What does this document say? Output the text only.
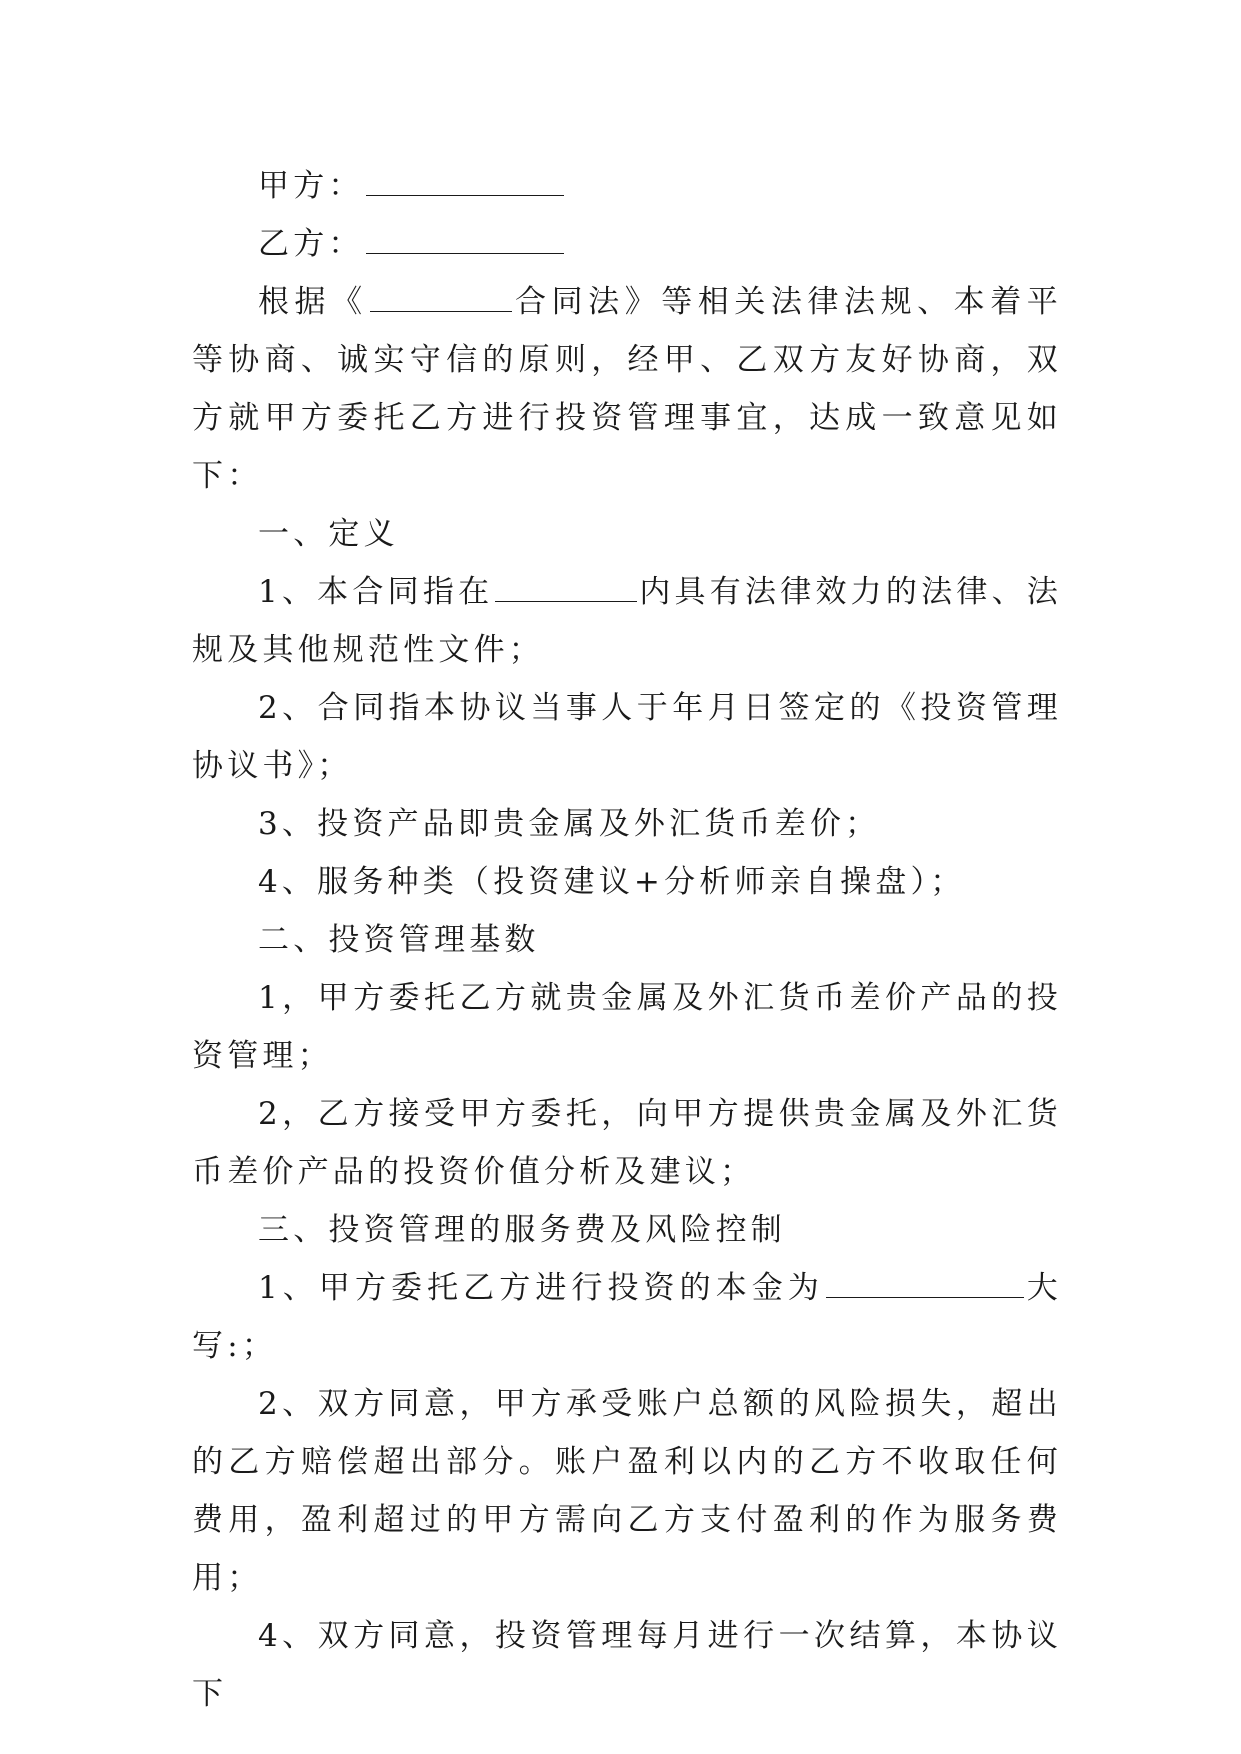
甲方：

乙方：

根据《	合同法》等相关法律法规、本着平等协商、诚实守信的原则，经甲、乙双方友好协商，双方就甲方委托乙方进行投资管理事宜，达成一致意见如下：

一、定义

1、本合同指在	内具有法律效力的法律、法规及其他规范性文件；

2、合同指本协议当事人于年月日签定的《投资管理协议书》；

3、投资产品即贵金属及外汇货币差价；

4、服务种类（投资建议+分析师亲自操盘）；

二、投资管理基数

1，甲方委托乙方就贵金属及外汇货币差价产品的投资管理；

2，乙方接受甲方委托，向甲方提供贵金属及外汇货币差价产品的投资价值分析及建议；

三、投资管理的服务费及风险控制

1、甲方委托乙方进行投资的本金为	大写:；

2、双方同意，甲方承受账户总额的风险损失，超出的乙方赔偿超出部分。账户盈利以内的乙方不收取任何费用，盈利超过的甲方需向乙方支付盈利的作为服务费用；

4、双方同意，投资管理每月进行一次结算，本协议下
